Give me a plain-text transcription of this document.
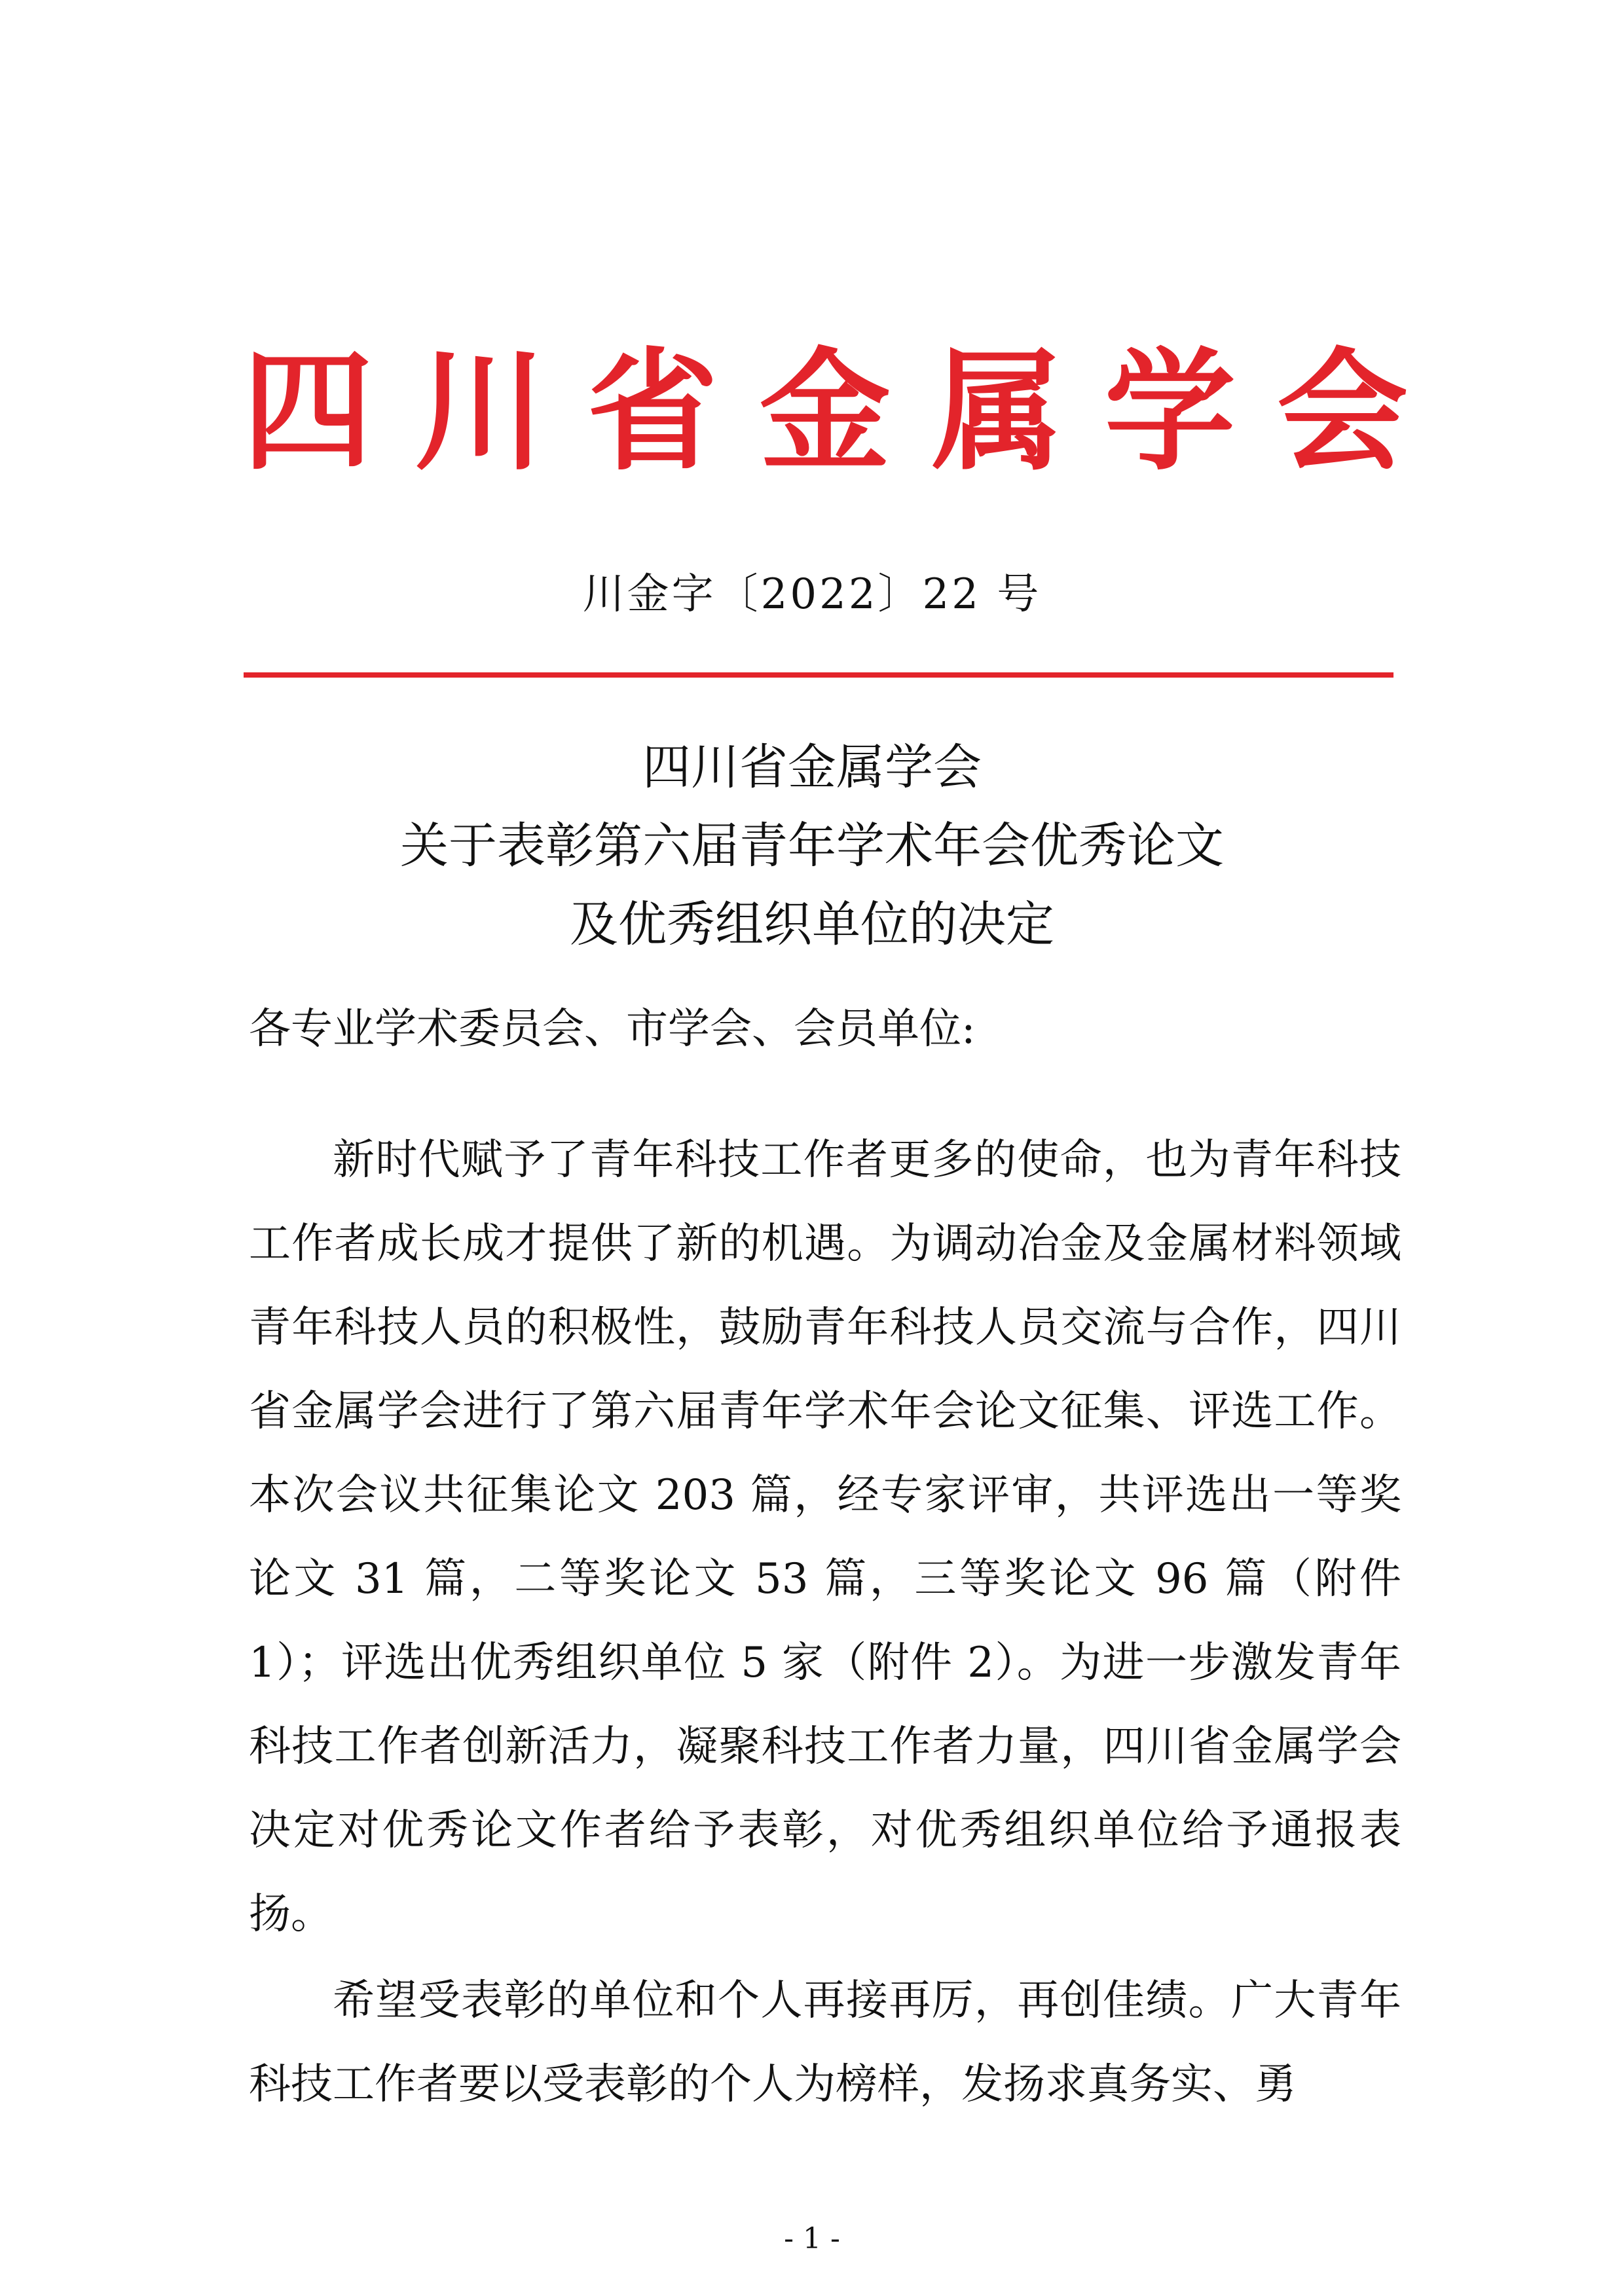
四 川 省 金 属 学 会
川金字〔2022〕22 号
四川省金属学会
关于表彰第六届青年学术年会优秀论文
及优秀组织单位的决定
各专业学术委员会、市学会、会员单位:

新时代赋予了青年科技工作者更多的使命，也为青年科技工作者成长成才提供了新的机遇。为调动冶金及金属材料领域青年科技人员的积极性，鼓励青年科技人员交流与合作，四川省金属学会进行了第六届青年学术年会论文征集、评选工作。本次会议共征集论文 203 篇，经专家评审，共评选出一等奖论文 31 篇，二等奖论文 53 篇，三等奖论文 96 篇（附件 1）；评选出优秀组织单位 5 家（附件 2）。为进一步激发青年科技工作者创新活力，凝聚科技工作者力量，四川省金属学会决定对优秀论文作者给予表彰，对优秀组织单位给予通报表扬。

希望受表彰的单位和个人再接再厉，再创佳绩。广大青年科技工作者要以受表彰的个人为榜样，发扬求真务实、勇

- 1 -
